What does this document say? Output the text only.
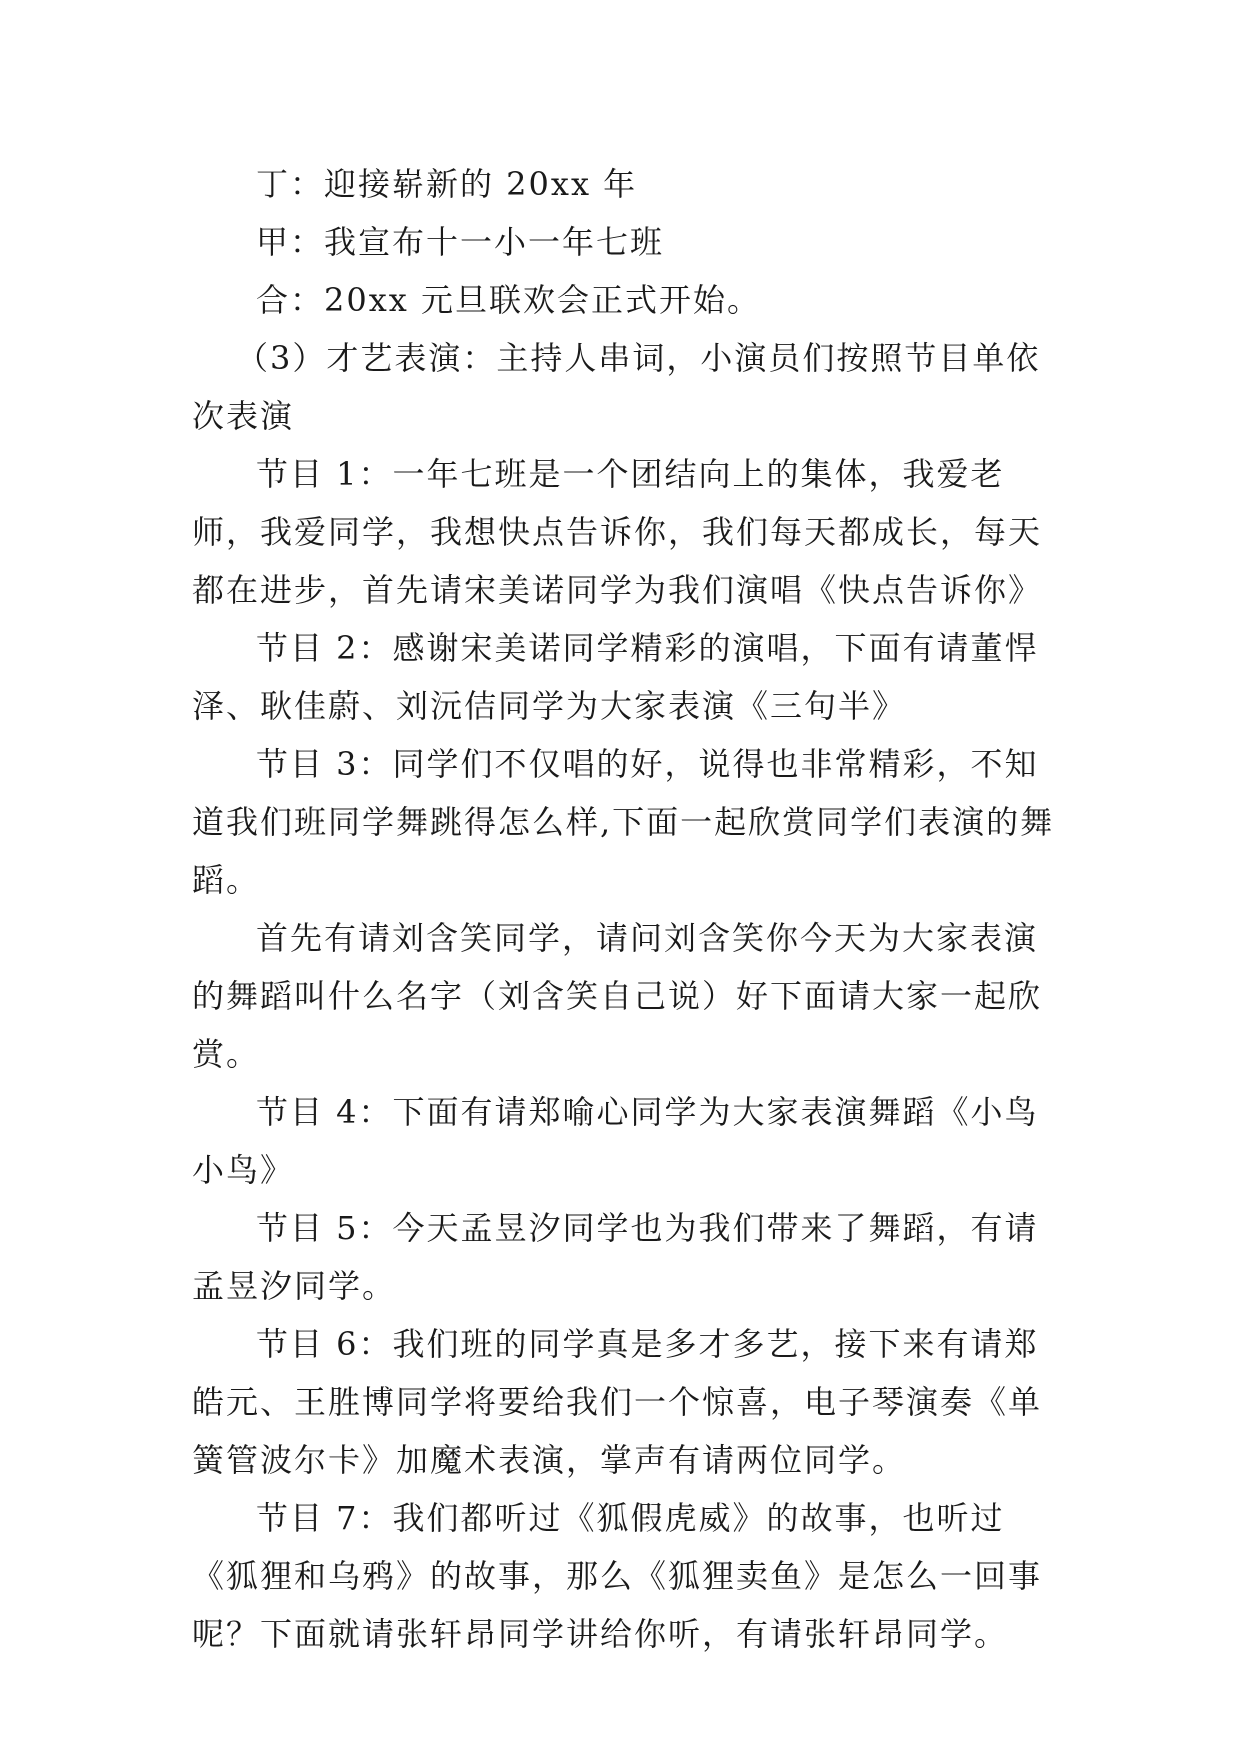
丁：迎接崭新的 20xx 年

甲：我宣布十一小一年七班

合：20xx 元旦联欢会正式开始。

（3）才艺表演：主持人串词，小演员们按照节目单依次表演

节目 1：一年七班是一个团结向上的集体，我爱老师，我爱同学，我想快点告诉你，我们每天都成长，每天都在进步，首先请宋美诺同学为我们演唱《快点告诉你》

节目 2：感谢宋美诺同学精彩的演唱，下面有请董悍泽、耿佳蔚、刘沅佶同学为大家表演《三句半》

节目 3：同学们不仅唱的好，说得也非常精彩，不知道我们班同学舞跳得怎么样,下面一起欣赏同学们表演的舞蹈。

首先有请刘含笑同学，请问刘含笑你今天为大家表演的舞蹈叫什么名字（刘含笑自己说）好下面请大家一起欣赏。

节目 4：下面有请郑喻心同学为大家表演舞蹈《小鸟小鸟》

节目 5：今天孟昱汐同学也为我们带来了舞蹈，有请孟昱汐同学。

节目 6：我们班的同学真是多才多艺，接下来有请郑皓元、王胜博同学将要给我们一个惊喜，电子琴演奏《单簧管波尔卡》加魔术表演，掌声有请两位同学。

节目 7：我们都听过《狐假虎威》的故事，也听过《狐狸和乌鸦》的故事，那么《狐狸卖鱼》是怎么一回事呢？下面就请张轩昂同学讲给你听，有请张轩昂同学。
